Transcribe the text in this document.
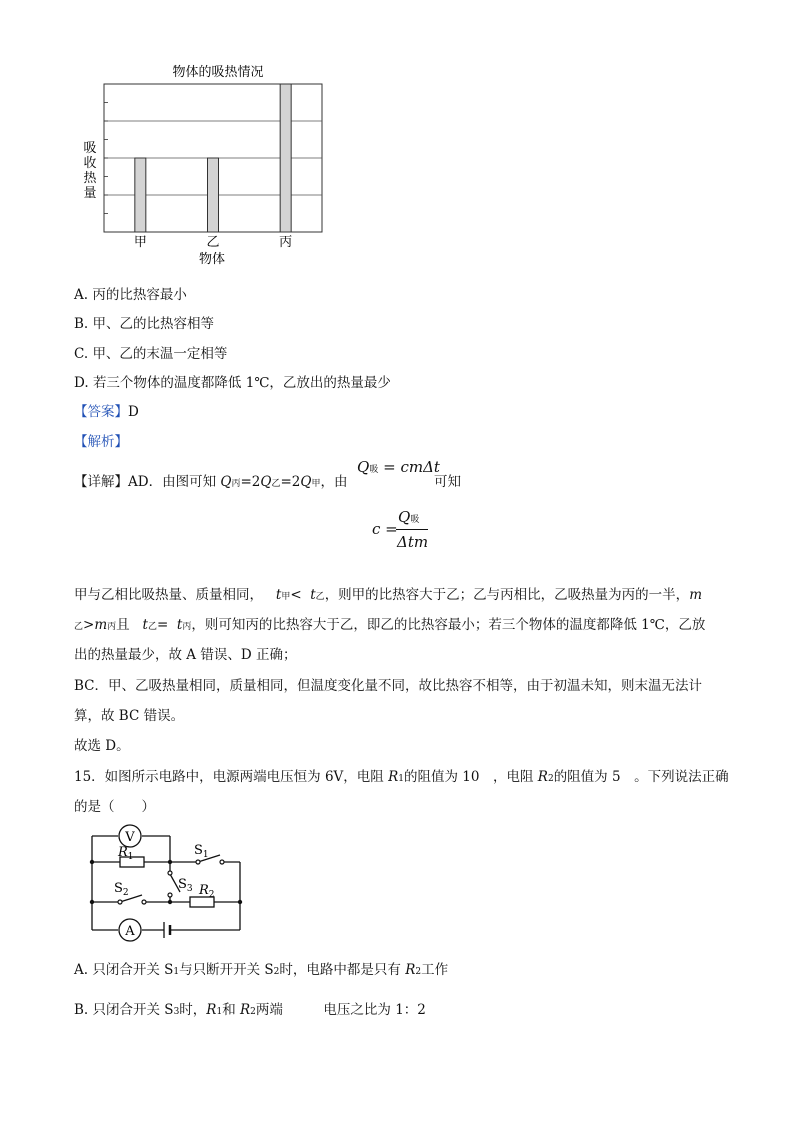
物体的吸热情况
甲	乙	丙
物体
吸
收
热
量
A. 丙的比热容最小
B. 甲、乙的比热容相等
C. 甲、乙的末温一定相等
D. 若三个物体的温度都降低 1℃，乙放出的热量最少
【答案】D
【解析】
【详解】AD．由图可知 Q丙=2Q乙=2Q甲，由
Q吸 = cmΔt
可知
c =
Q吸
Δtm
甲与乙相比吸热量、质量相同， t甲< t乙，则甲的比热容大于乙；乙与丙相比，乙吸热量为丙的一半，m
乙>m丙且 t乙= t丙，则可知丙的比热容大于乙，即乙的比热容最小；若三个物体的温度都降低 1℃，乙放
出的热量最少，故 A 错误、D 正确；
BC．甲、乙吸热量相同，质量相同，但温度变化量不同，故比热容不相等，由于初温未知，则末温无法计
算，故 BC 错误。
故选 D。
15．如图所示电路中，电源两端电压恒为 6V，电阻 R1的阻值为 10　，电阻 R2的阻值为 5　。下列说法正确
的是（　　）
V
A
$R_1$	$S_1$
$S_3$
$S_2$	$R_2$
A. 只闭合开关 S1与只断开开关 S2时，电路中都是只有 R2工作
B. 只闭合开关 S3时，R1和 R2两端　　　电压之比为 1：2
